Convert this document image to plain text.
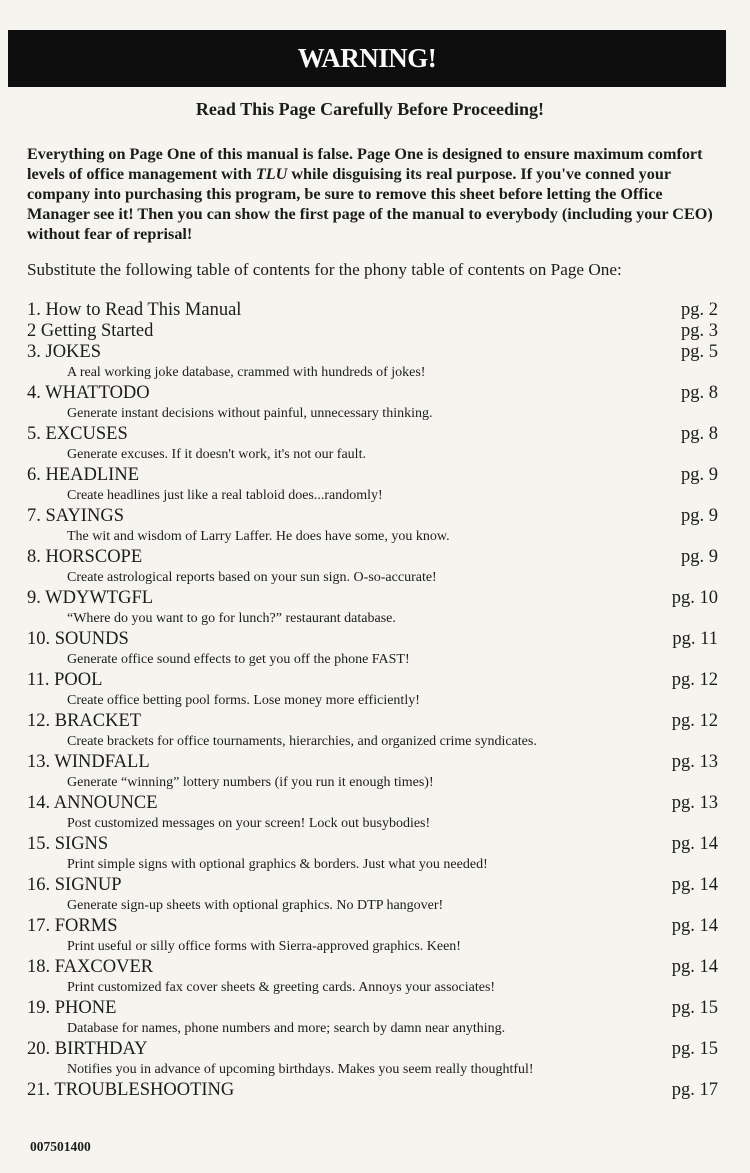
WARNING!
Read This Page Carefully Before Proceeding!
Everything on Page One of this manual is false. Page One is designed to ensure maximum comfort levels of office management with TLU while disguising its real purpose. If you've conned your company into purchasing this program, be sure to remove this sheet before letting the Office Manager see it! Then you can show the first page of the manual to everybody (including your CEO) without fear of reprisal!
Substitute the following table of contents for the phony table of contents on Page One:
1. How to Read This Manual	pg. 2
2 Getting Started	pg. 3
3. JOKES	pg. 5
A real working joke database, crammed with hundreds of jokes!
4. WHATTODO	pg. 8
Generate instant decisions without painful, unnecessary thinking.
5. EXCUSES	pg. 8
Generate excuses. If it doesn't work, it's not our fault.
6. HEADLINE	pg. 9
Create headlines just like a real tabloid does...randomly!
7. SAYINGS	pg. 9
The wit and wisdom of Larry Laffer. He does have some, you know.
8. HORSCOPE	pg. 9
Create astrological reports based on your sun sign. O-so-accurate!
9. WDYWTGFL	pg. 10
“Where do you want to go for lunch?” restaurant database.
10. SOUNDS	pg. 11
Generate office sound effects to get you off the phone FAST!
11. POOL	pg. 12
Create office betting pool forms. Lose money more efficiently!
12. BRACKET	pg. 12
Create brackets for office tournaments, hierarchies, and organized crime syndicates.
13. WINDFALL	pg. 13
Generate “winning” lottery numbers (if you run it enough times)!
14. ANNOUNCE	pg. 13
Post customized messages on your screen! Lock out busybodies!
15. SIGNS	pg. 14
Print simple signs with optional graphics & borders. Just what you needed!
16. SIGNUP	pg. 14
Generate sign-up sheets with optional graphics. No DTP hangover!
17. FORMS	pg. 14
Print useful or silly office forms with Sierra-approved graphics. Keen!
18. FAXCOVER	pg. 14
Print customized fax cover sheets & greeting cards. Annoys your associates!
19. PHONE	pg. 15
Database for names, phone numbers and more; search by damn near anything.
20. BIRTHDAY	pg. 15
Notifies you in advance of upcoming birthdays. Makes you seem really thoughtful!
21. TROUBLESHOOTING	pg. 17
007501400
